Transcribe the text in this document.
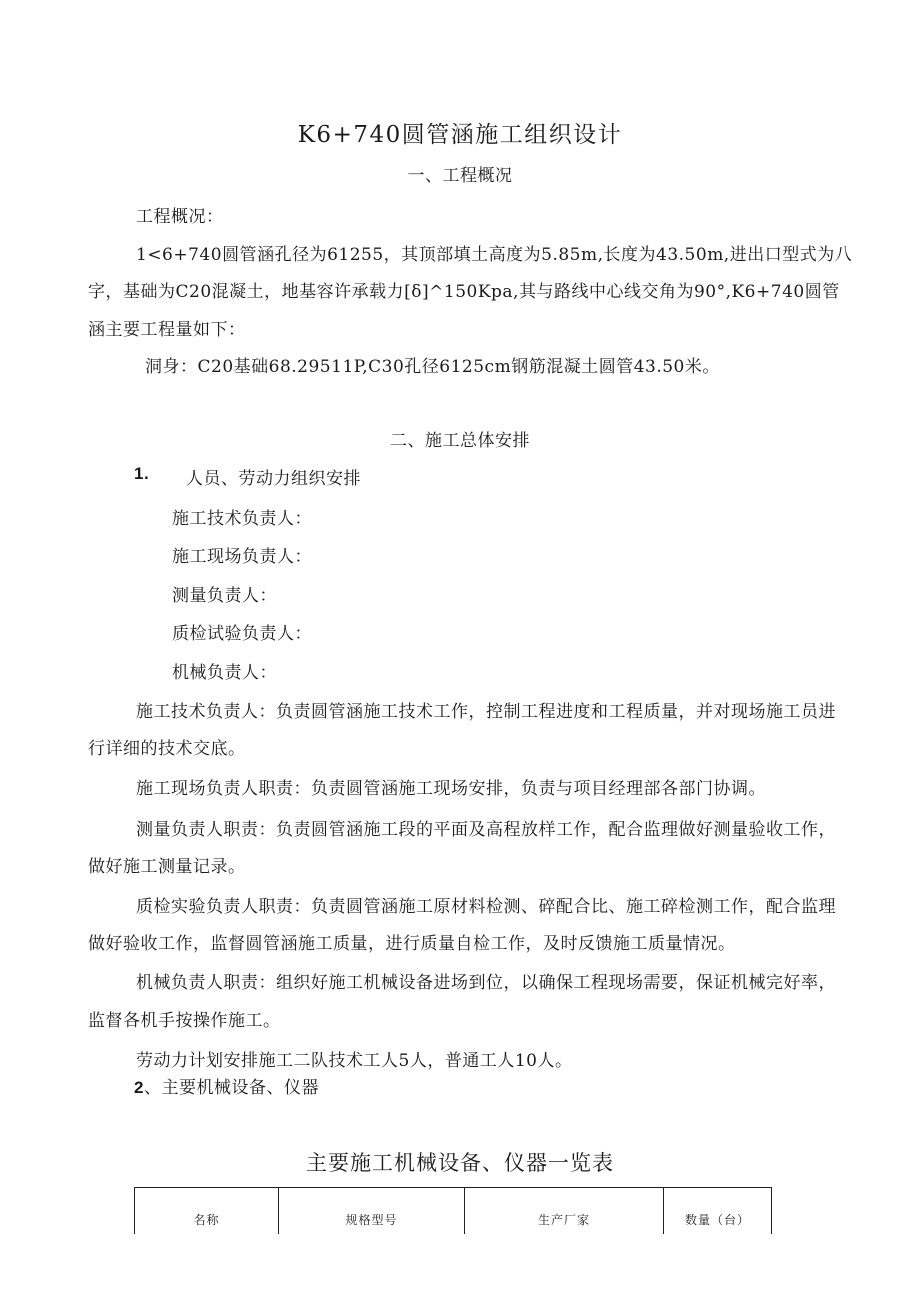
K6+740圆管涵施工组织设计
一、工程概况
工程概况：
1<6+740圆管涵孔径为61255，其顶部填土高度为5.85m,长度为43.50m,进出口型式为八
字，基础为C20混凝土，地基容许承载力[δ]^150Kpa,其与路线中心线交角为90°,K6+740圆管
涵主要工程量如下：
洞身：C20基础68.29511P,C30孔径6125cm钢筋混凝土圆管43.50米。
二、施工总体安排
1. 人员、劳动力组织安排
施工技术负责人：
施工现场负责人：
测量负责人：
质检试验负责人：
机械负责人：
施工技术负责人：负责圆管涵施工技术工作，控制工程进度和工程质量，并对现场施工员进
行详细的技术交底。
施工现场负责人职责：负责圆管涵施工现场安排，负责与项目经理部各部门协调。
测量负责人职责：负责圆管涵施工段的平面及高程放样工作，配合监理做好测量验收工作，
做好施工测量记录。
质检实验负责人职责：负责圆管涵施工原材料检测、碎配合比、施工碎检测工作，配合监理
做好验收工作，监督圆管涵施工质量，进行质量自检工作，及时反馈施工质量情况。
机械负责人职责：组织好施工机械设备进场到位，以确保工程现场需要，保证机械完好率，
监督各机手按操作施工。
劳动力计划安排施工二队技术工人5人，普通工人10人。
2、主要机械设备、仪器
主要施工机械设备、仪器一览表
名称	规格型号	生产厂家	数量（台）
